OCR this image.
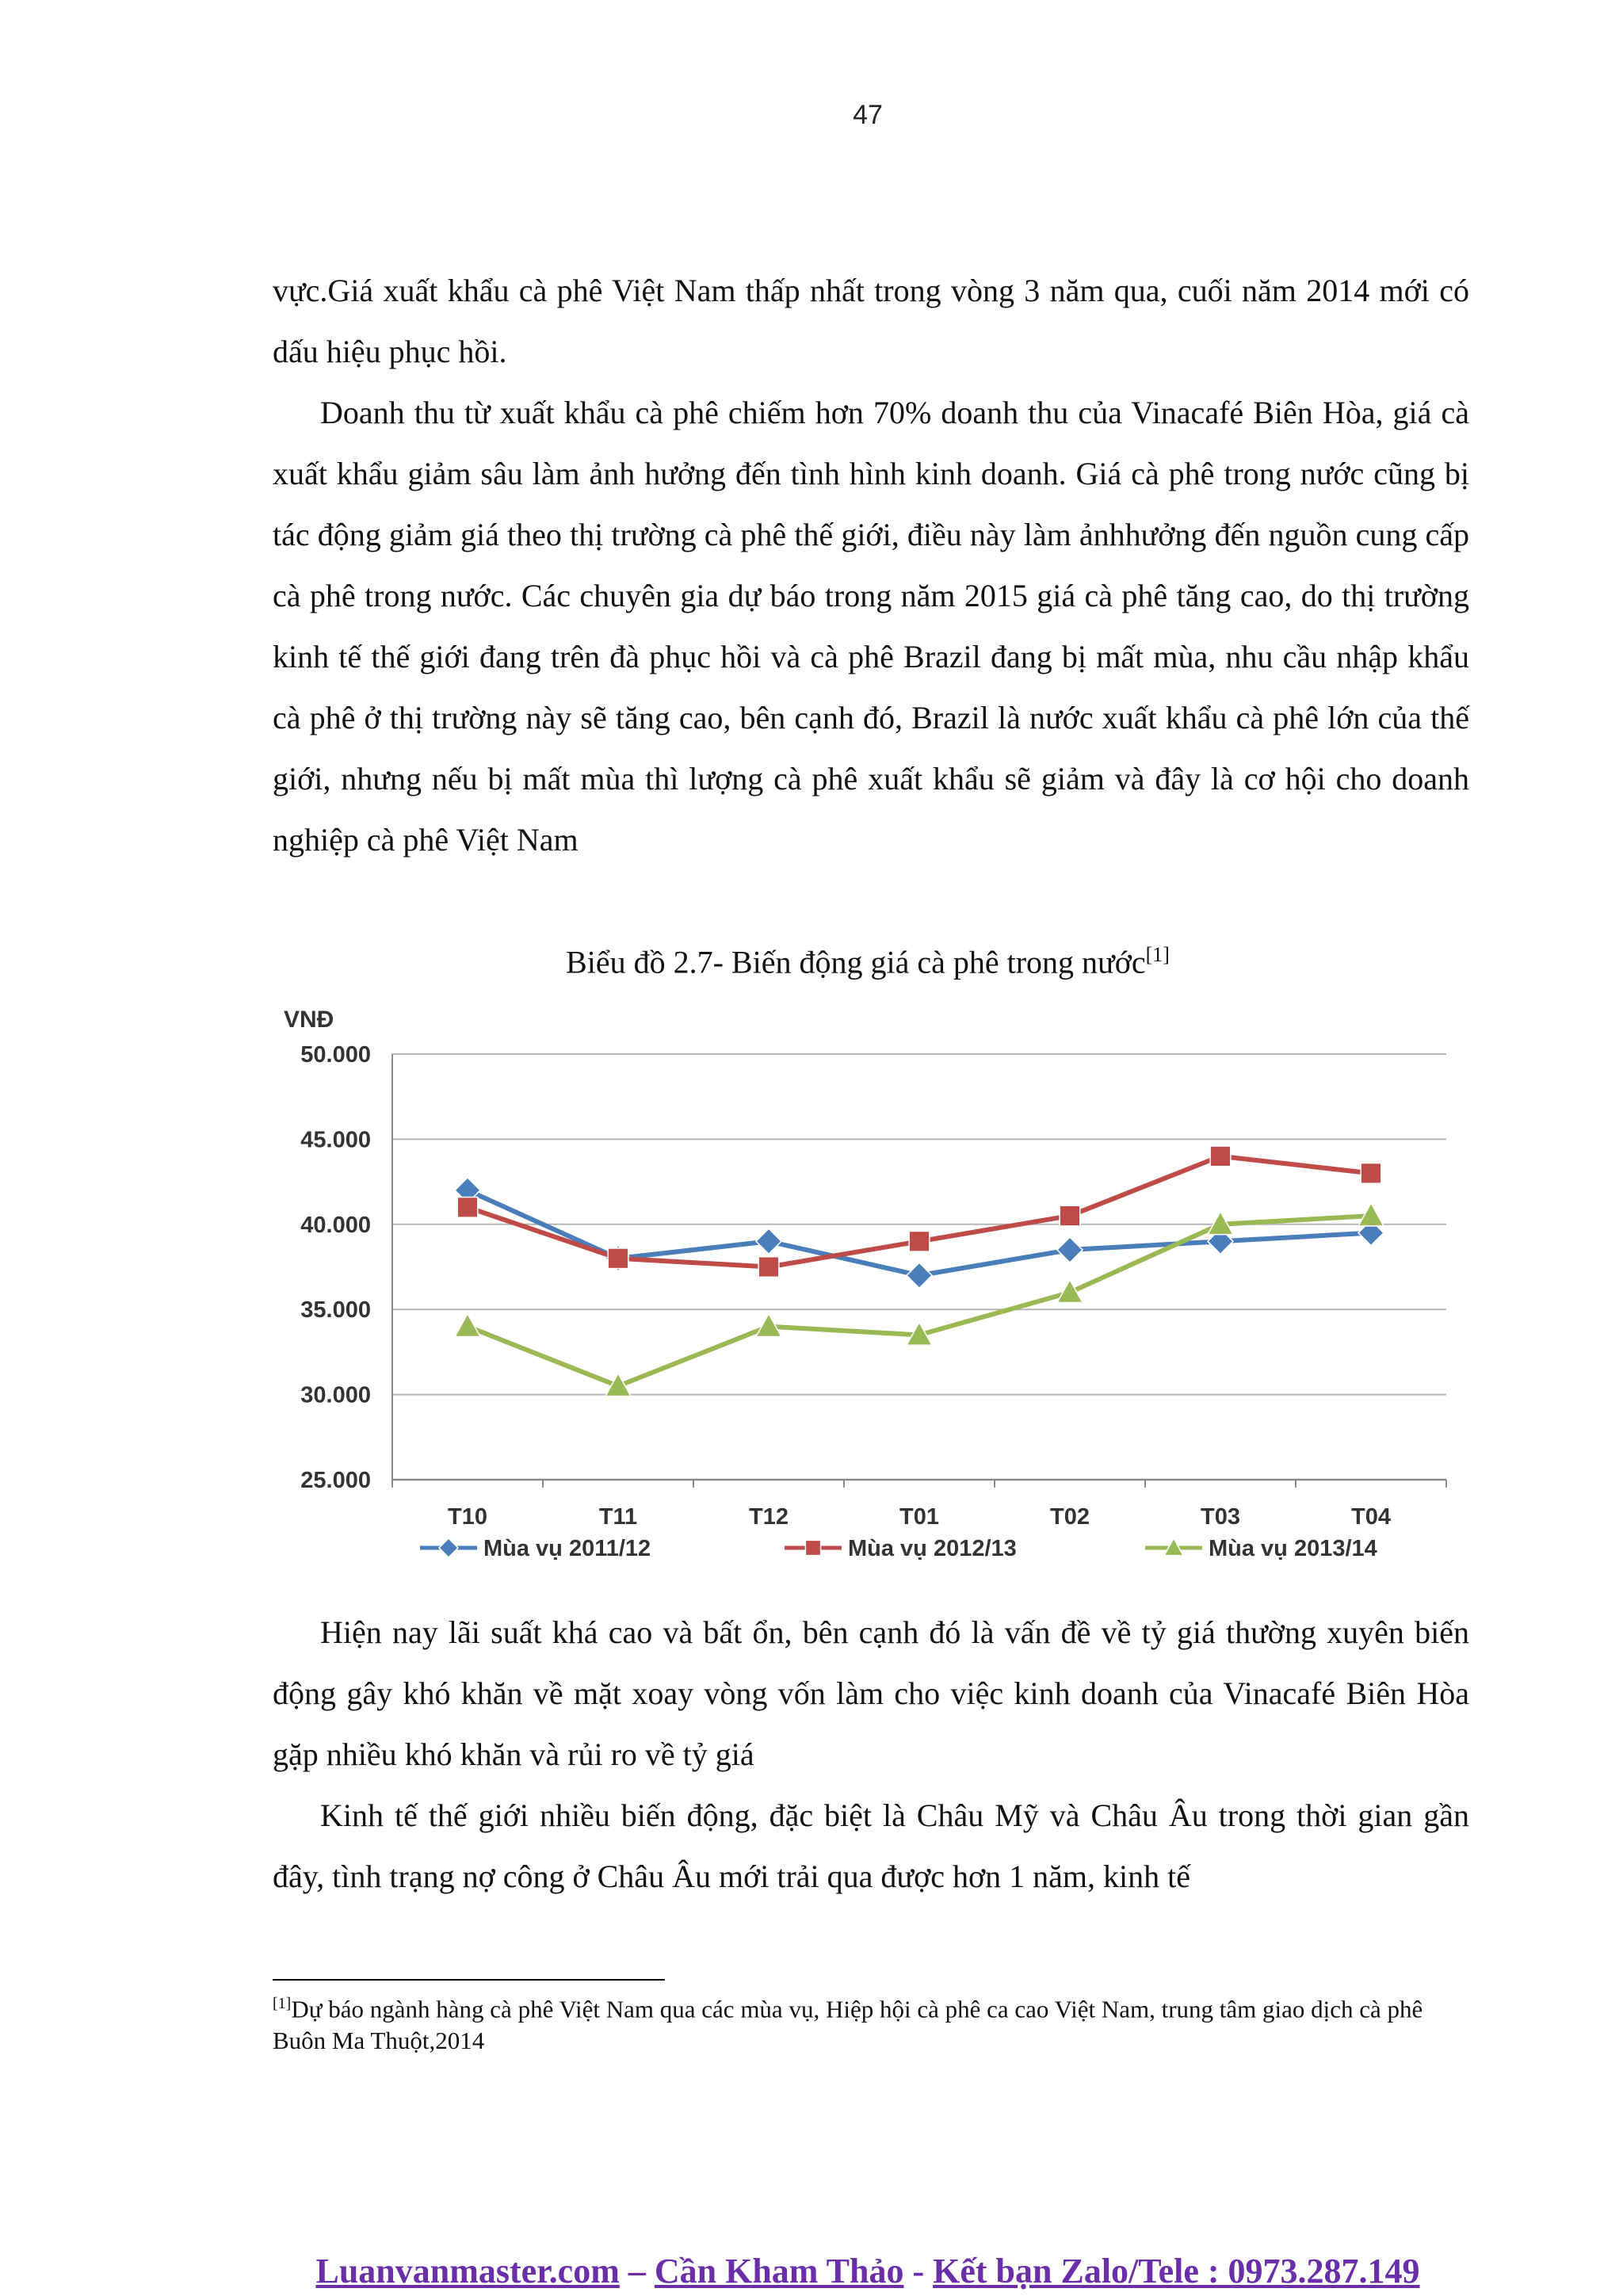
47

vực.Giá xuất khẩu cà phê Việt Nam thấp nhất trong vòng 3 năm qua, cuối năm 2014 mới có dấu hiệu phục hồi.

Doanh thu từ xuất khẩu cà phê chiếm hơn 70% doanh thu của Vinacafé Biên Hòa, giá cà xuất khẩu giảm sâu làm ảnh hưởng đến tình hình kinh doanh. Giá cà phê trong nước cũng bị tác động giảm giá theo thị trường cà phê thế giới, điều này làm ảnhhưởng đến nguồn cung cấp cà phê trong nước. Các chuyên gia dự báo trong năm 2015 giá cà phê tăng cao, do thị trường kinh tế thế giới đang trên đà phục hồi và cà phê Brazil đang bị mất mùa, nhu cầu nhập khẩu cà phê ở thị trường này sẽ tăng cao, bên cạnh đó, Brazil là nước xuất khẩu cà phê lớn của thế giới, nhưng nếu bị mất mùa thì lượng cà phê xuất khẩu sẽ giảm và đây là cơ hội cho doanh nghiệp cà phê Việt Nam

Biểu đồ 2.7- Biến động giá cà phê trong nước[1]
VNĐ
25.000
30.000
35.000
40.000
45.000
50.000
T10	T11	T12	T01	T02	T03	T04
Mùa vụ 2011/12	Mùa vụ 2012/13	Mùa vụ 2013/14

Hiện nay lãi suất khá cao và bất ổn, bên cạnh đó là vấn đề về tỷ giá thường xuyên biến động gây khó khăn về mặt xoay vòng vốn làm cho việc kinh doanh của Vinacafé Biên Hòa gặp nhiều khó khăn và rủi ro về tỷ giá

Kinh tế thế giới nhiều biến động, đặc biệt là Châu Mỹ và Châu Âu trong thời gian gần đây, tình trạng nợ công ở Châu Âu mới trải qua được hơn 1 năm, kinh tế

[1]Dự báo ngành hàng cà phê Việt Nam qua các mùa vụ, Hiệp hội cà phê ca cao Việt Nam, trung tâm giao dịch cà phê Buôn Ma Thuột,2014
Luanvanmaster.com – Cần Kham Thảo - Kết bạn Zalo/Tele : 0973.287.149
